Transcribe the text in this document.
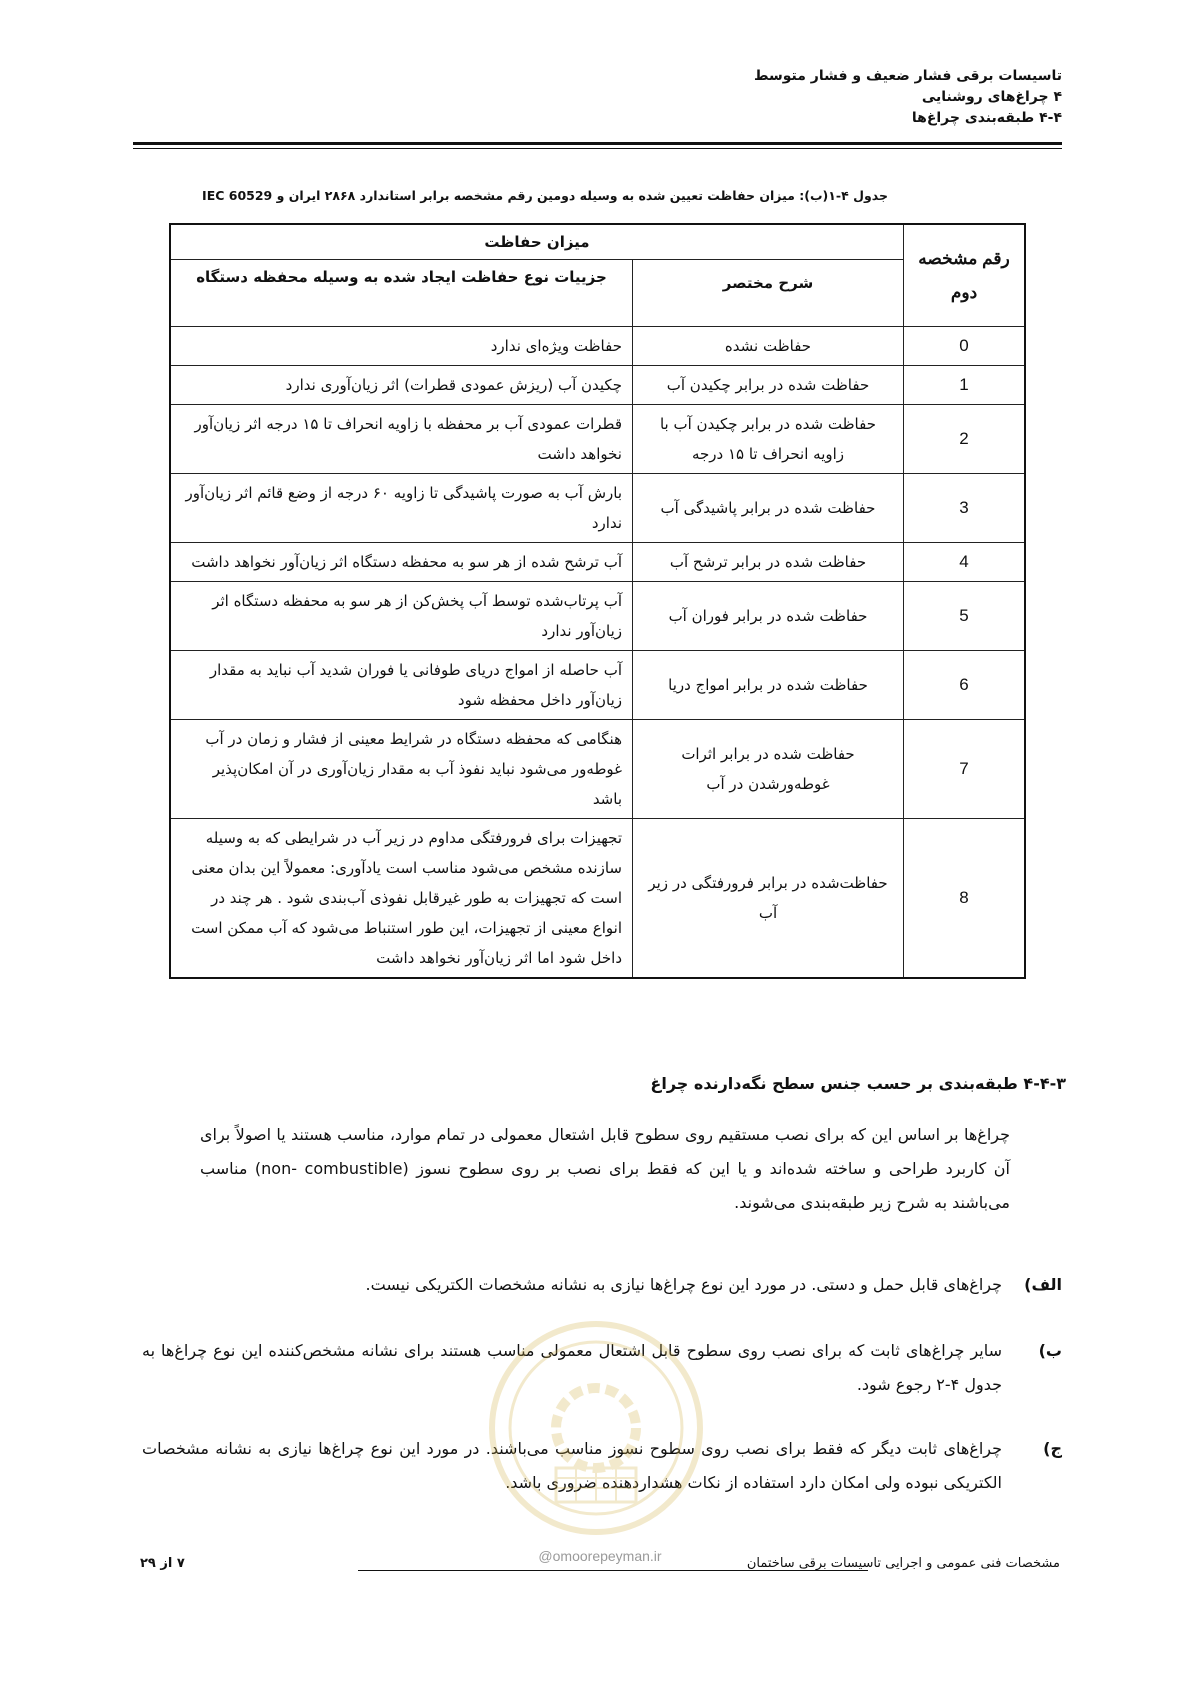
تاسیسات برقی فشار ضعیف و فشار متوسط
۴ چراغ‌های روشنایی
۴-۴ طبقه‌بندی چراغ‌ها
جدول ۴-۱(ب): میزان حفاظت تعیین شده به وسیله دومین رقم مشخصه برابر استاندارد ۲۸۶۸ ایران و IEC 60529
رقم مشخصه دوم	میزان حفاظت	
	شرح مختصر	جزییات نوع حفاظت ایجاد شده به وسیله محفظه دستگاه
0	حفاظت نشده	حفاظت ویژه‌ای ندارد
1	حفاظت شده در برابر چکیدن آب	چکیدن آب (ریزش عمودی قطرات) اثر زیان‌آوری ندارد
2	حفاظت شده در برابر چکیدن آب با زاویه انحراف تا ۱۵ درجه	قطرات عمودی آب بر محفظه با زاویه انحراف تا ۱۵ درجه اثر زیان‌آور نخواهد داشت
3	حفاظت شده در برابر پاشیدگی آب	بارش آب به صورت پاشیدگی تا زاویه ۶۰ درجه از وضع قائم اثر زیان‌آور ندارد
4	حفاظت شده در برابر ترشح آب	آب ترشح شده از هر سو به محفظه دستگاه اثر زیان‌آور نخواهد داشت
5	حفاظت شده در برابر فوران آب	آب پرتاب‌شده توسط آب پخش‌کن از هر سو به محفظه دستگاه اثر زیان‌آور ندارد
6	حفاظت شده در برابر امواج دریا	آب حاصله از امواج دریای طوفانی یا فوران شدید آب نباید به مقدار زیان‌آور داخل محفظه شود
7	حفاظت شده در برابر اثرات غوطه‌ورشدن در آب	هنگامی که محفظه دستگاه در شرایط معینی از فشار و زمان در آب غوطه‌ور می‌شود نباید نفوذ آب به مقدار زیان‌آوری در آن امکان‌پذیر باشد
8	حفاظت‌شده در برابر فرورفتگی در زیر آب	تجهیزات برای فرورفتگی مداوم در زیر آب در شرایطی که به وسیله سازنده مشخص می‌شود مناسب است یادآوری: معمولاً این بدان معنی است که تجهیزات به طور غیرقابل نفوذی آب‌بندی شود . هر چند در انواع معینی از تجهیزات، این طور استنباط می‌شود که آب ممکن است داخل شود اما اثر زیان‌آور نخواهد داشت
۴-۴-۳ طبقه‌بندی بر حسب جنس سطح نگه‌دارنده چراغ
چراغ‌ها بر اساس این که برای نصب مستقیم روی سطوح قابل اشتعال معمولی در تمام موارد، مناسب هستند یا اصولاً برای آن کاربرد طراحی و ساخته شده‌اند و یا این که فقط برای نصب بر روی سطوح نسوز (non- combustible) مناسب می‌باشند به شرح زیر طبقه‌بندی می‌شوند.
الف)
چراغ‌های قابل حمل و دستی. در مورد این نوع چراغ‌ها نیازی به نشانه مشخصات الکتریکی نیست.
ب)
سایر چراغ‌های ثابت که برای نصب روی سطوح قابل اشتعال معمولی مناسب هستند برای نشانه مشخص‌کننده این نوع چراغ‌ها به جدول ۴-۲ رجوع شود.
ج)
چراغ‌های ثابت دیگر که فقط برای نصب روی سطوح نسوز مناسب می‌باشند. در مورد این نوع چراغ‌ها نیازی به نشانه مشخصات الکتریکی نبوده ولی امکان دارد استفاده از نکات هشداردهنده ضروری باشد.
@omoorepeyman.ir	مشخصات فنی عمومی و اجرایی تاسیسات برقی ساختمان
۷ از ۲۹
